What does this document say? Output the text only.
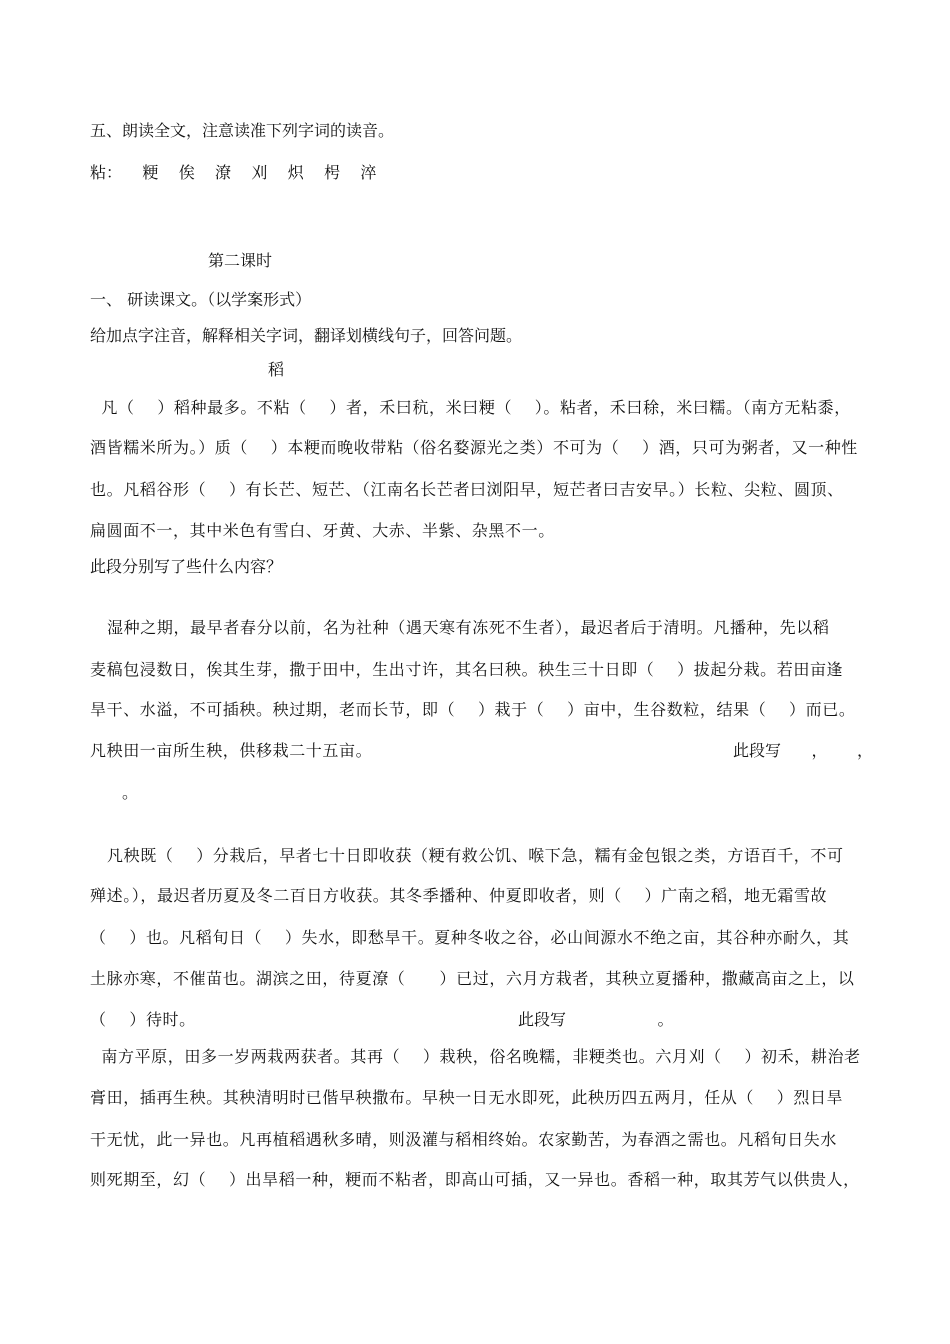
五、朗读全文，注意读准下列字词的读音。
粘：    粳    俟    潦    刈    炽    枵    淬
第二课时
一、 研读课文。（以学案形式）
给加点字注音，解释相关字词，翻译划横线句子，回答问题。
稻
凡（    ）稻种最多。不粘（    ）者，禾曰秔，米曰粳（    ）。粘者，禾曰稌，米曰糯。（南方无粘黍，
酒皆糯米所为。）质（    ）本粳而晚收带粘（俗名婺源光之类）不可为（    ）酒，只可为粥者，又一种性
也。凡稻谷形（    ）有长芒、短芒、（江南名长芒者曰浏阳早，短芒者曰吉安早。）长粒、尖粒、圆顶、
扁圆面不一，其中米色有雪白、牙黄、大赤、半紫、杂黑不一。
此段分别写了些什么内容？
湿种之期，最早者春分以前，名为社种（遇天寒有冻死不生者），最迟者后于清明。凡播种，先以稻
麦稿包浸数日，俟其生芽，撒于田中，生出寸许，其名曰秧。秧生三十日即（    ）拔起分栽。若田亩逢
旱干、水溢，不可插秧。秧过期，老而长节，即（    ）栽于（    ）亩中，生谷数粒，结果（    ）而已。
凡秧田一亩所生秧，供移栽二十五亩。	此段写      ， ，
。
凡秧既（    ）分栽后，早者七十日即收获（粳有救公饥、喉下急，糯有金包银之类，方语百千，不可
殚述。），最迟者历夏及冬二百日方收获。其冬季播种、仲夏即收者，则（    ）广南之稻，地无霜雪故
（    ）也。凡稻旬日（    ）失水，即愁旱干。夏种冬收之谷，必山间源水不绝之亩，其谷种亦耐久，其
土脉亦寒，不催苗也。湖滨之田，待夏潦（      ）已过，六月方栽者，其秧立夏播种，撒藏高亩之上，以
（    ）待时。	此段写                  。
南方平原，田多一岁两栽两获者。其再（    ）栽秧，俗名晚糯，非粳类也。六月刈（    ）初禾，耕治老
膏田，插再生秧。其秧清明时已偕早秧撒布。早秧一日无水即死，此秧历四五两月，任从（    ）烈日旱
干无忧，此一异也。凡再植稻遇秋多晴，则汲灌与稻相终始。农家勤苦，为春酒之需也。凡稻旬日失水
则死期至，幻（    ）出旱稻一种，粳而不粘者，即高山可插，又一异也。香稻一种，取其芳气以供贵人，
